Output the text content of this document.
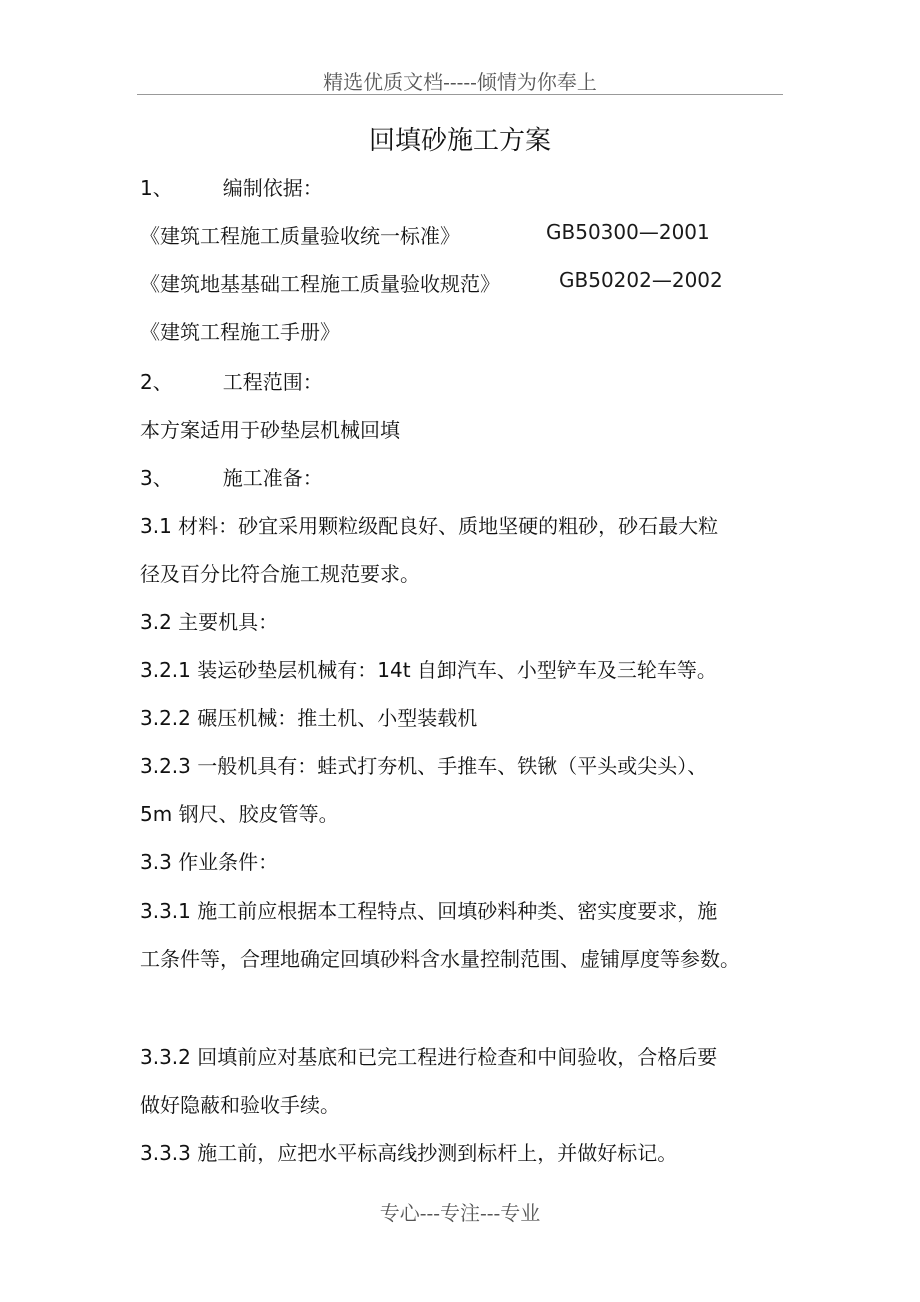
精选优质文档-----倾情为你奉上
回填砂施工方案
1、	编制依据：
《建筑工程施工质量验收统一标准》	GB50300—2001
《建筑地基基础工程施工质量验收规范》	GB50202—2002
《建筑工程施工手册》
2、	工程范围：
本方案适用于砂垫层机械回填
3、	施工准备：
3.1 材料：砂宜采用颗粒级配良好、质地坚硬的粗砂，砂石最大粒
径及百分比符合施工规范要求。
3.2 主要机具：
3.2.1 装运砂垫层机械有：14t 自卸汽车、小型铲车及三轮车等。
3.2.2 碾压机械：推土机、小型装载机
3.2.3 一般机具有：蛙式打夯机、手推车、铁锹（平头或尖头）、
5m 钢尺、胶皮管等。
3.3 作业条件：
3.3.1 施工前应根据本工程特点、回填砂料种类、密实度要求，施
工条件等，合理地确定回填砂料含水量控制范围、虚铺厚度等参数。
3.3.2 回填前应对基底和已完工程进行检查和中间验收，合格后要
做好隐蔽和验收手续。
3.3.3 施工前，应把水平标高线抄测到标杆上，并做好标记。
专心---专注---专业
